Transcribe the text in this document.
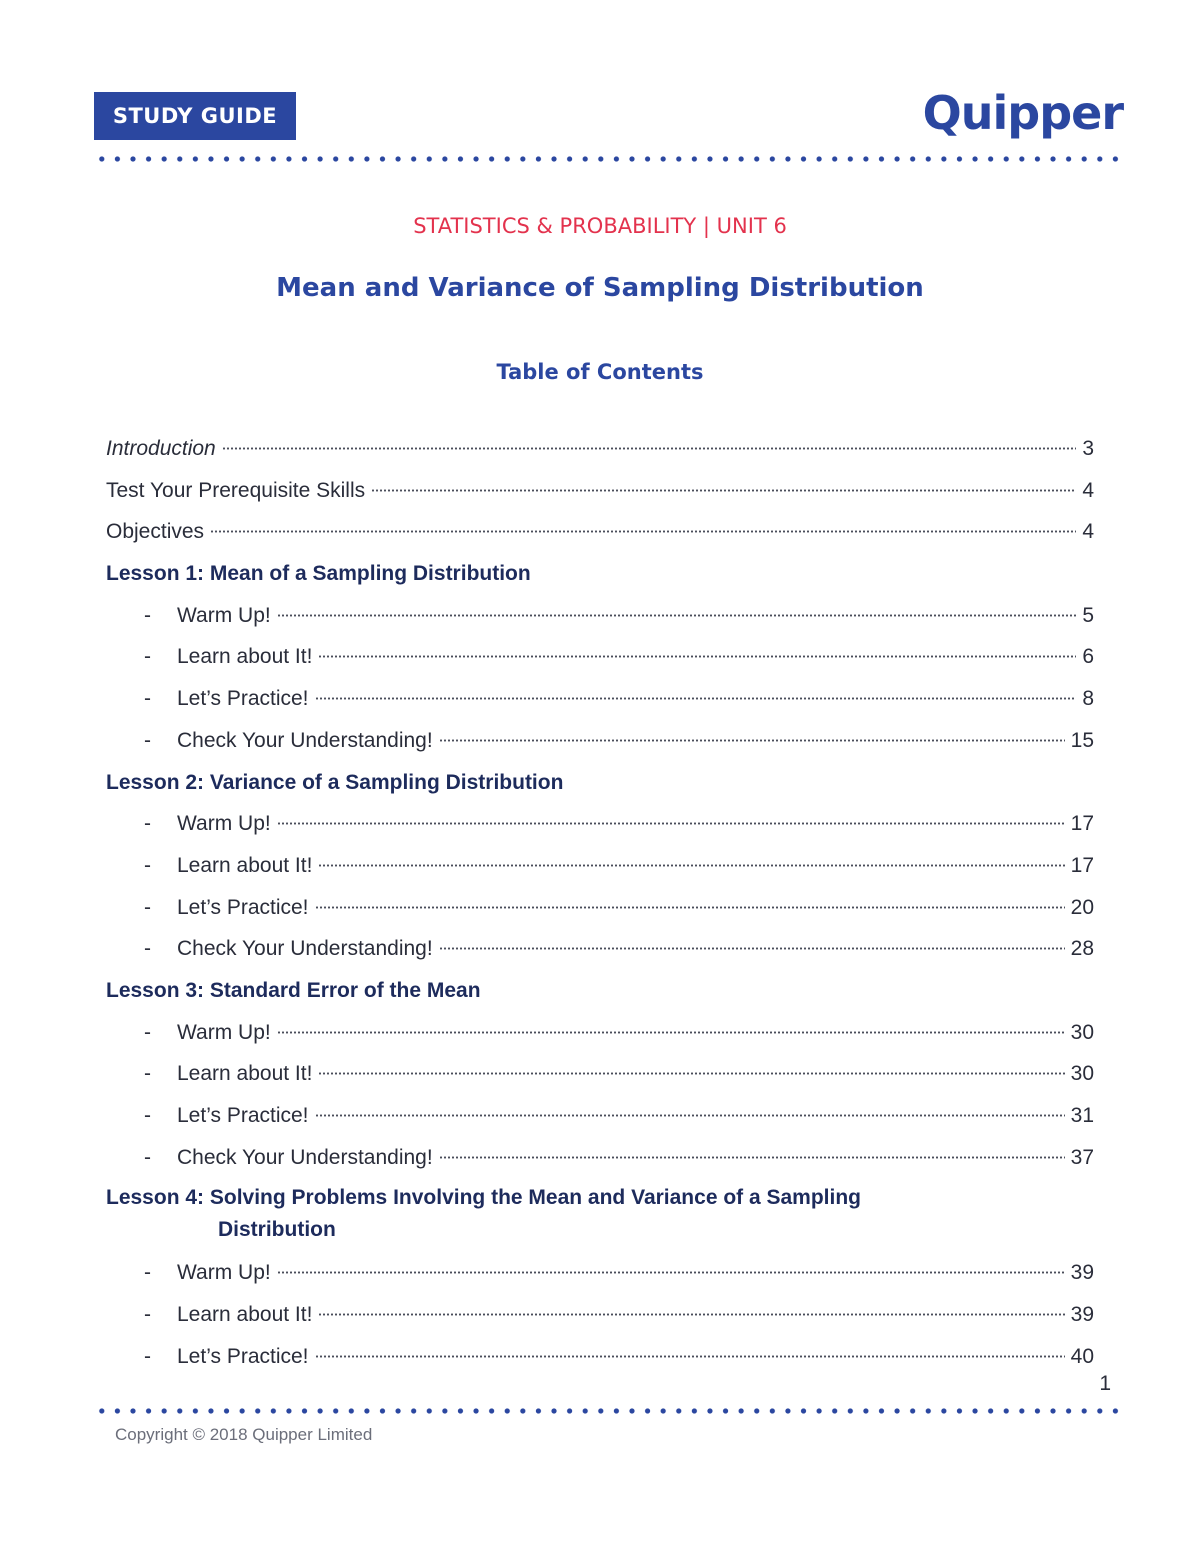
STUDY GUIDE	Quipper
STATISTICS & PROBABILITY | UNIT 6
Mean and Variance of Sampling Distribution
Table of Contents
Introduction	3
Test Your Prerequisite Skills	4
Objectives	4
Lesson 1: Mean of a Sampling Distribution
-	Warm Up!	5
-	Learn about It!	6
-	Let’s Practice!	8
-	Check Your Understanding!	15
Lesson 2: Variance of a Sampling Distribution
-	Warm Up!	17
-	Learn about It!	17
-	Let’s Practice!	20
-	Check Your Understanding!	28
Lesson 3: Standard Error of the Mean
-	Warm Up!	30
-	Learn about It!	30
-	Let’s Practice!	31
-	Check Your Understanding!	37
Lesson 4: Solving Problems Involving the Mean and Variance of a Sampling
Distribution
-	Warm Up!	39
-	Learn about It!	39
-	Let’s Practice!	40
1
Copyright © 2018 Quipper Limited
